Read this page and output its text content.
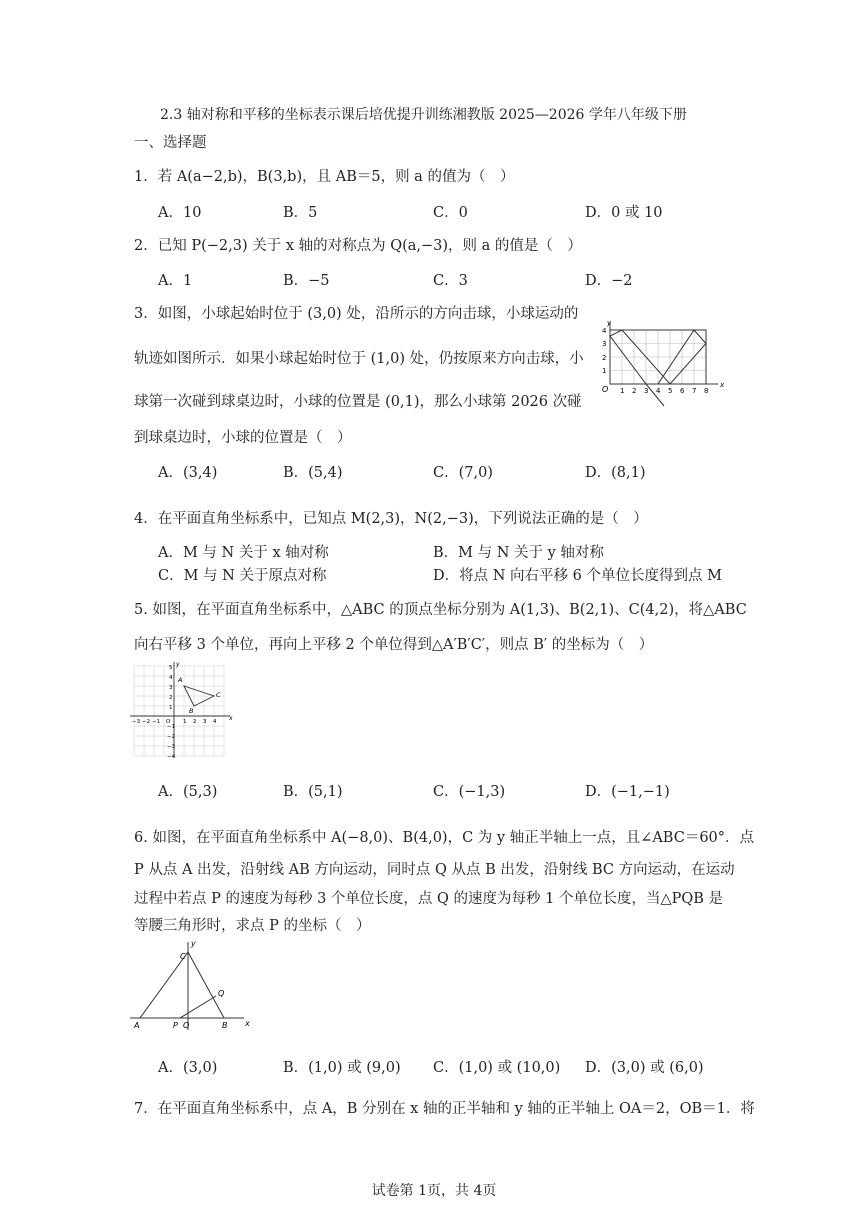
2.3 轴对称和平移的坐标表示课后培优提升训练湘教版 2025—2026 学年八年级下册
一、选择题
1．若 A(a−2,b)，B(3,b)，且 AB＝5，则 a 的值为（　）
A．10	B．5	C．0	D．0 或 10
2．已知 P(−2,3) 关于 x 轴的对称点为 Q(a,−3)，则 a 的值是（　）
A．1	B．−5	C．3	D．−2
3．如图，小球起始时位于 (3,0) 处，沿所示的方向击球，小球运动的
轨迹如图所示．如果小球起始时位于 (1,0) 处，仍按原来方向击球，小
球第一次碰到球桌边时，小球的位置是 (0,1)，那么小球第 2026 次碰
到球桌边时，小球的位置是（　）
y
x
O 1 2 3 4 5 6 7 8
1
2
3
4
A．(3,4)	B．(5,4)	C．(7,0)	D．(8,1)
4．在平面直角坐标系中，已知点 M(2,3)，N(2,−3)，下列说法正确的是（　）
A．M 与 N 关于 x 轴对称	B．M 与 N 关于 y 轴对称
C．M 与 N 关于原点对称	D．将点 N 向右平移 6 个单位长度得到点 M
5. 如图，在平面直角坐标系中，△ABC 的顶点坐标分别为 A(1,3)、B(2,1)、C(4,2)，将△ABC
向右平移 3 个单位，再向上平移 2 个单位得到△A′B′C′，则点 B′ 的坐标为（　）
y
x
−3 −2 −1 O 1 2 3 4
5
4
3
2
1
−1
−2
−3
−4
A
B
C
A．(5,3)	B．(5,1)	C．(−1,3)	D．(−1,−1)
6. 如图，在平面直角坐标系中 A(−8,0)、B(4,0)，C 为 y 轴正半轴上一点，且∠ABC＝60°．点
P 从点 A 出发，沿射线 AB 方向运动，同时点 Q 从点 B 出发，沿射线 BC 方向运动，在运动
过程中若点 P 的速度为每秒 3 个单位长度，点 Q 的速度为每秒 1 个单位长度，当△PQB 是
等腰三角形时，求点 P 的坐标（　）
y
x
A	P O	B
C
Q
A．(3,0)	B．(1,0) 或 (9,0) C．(1,0) 或 (10,0) D．(3,0) 或 (6,0)
7．在平面直角坐标系中，点 A，B 分别在 x 轴的正半轴和 y 轴的正半轴上 OA＝2，OB＝1．将
试卷第 1页，共 4页
